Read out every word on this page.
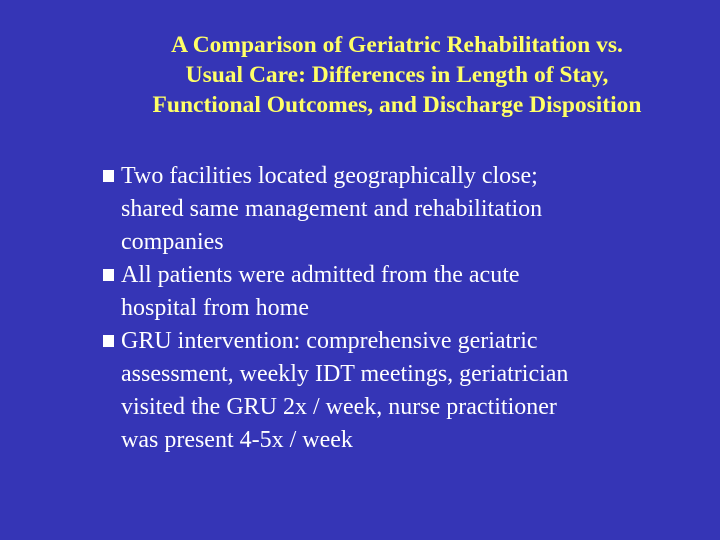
A Comparison of Geriatric Rehabilitation vs.
Usual Care: Differences in Length of Stay,
Functional Outcomes, and Discharge Disposition
Two facilities located geographically close;
shared same management and rehabilitation
companies
All patients were admitted from the acute
hospital from home
GRU intervention: comprehensive geriatric
assessment, weekly IDT meetings, geriatrician
visited the GRU 2x / week, nurse practitioner
was present 4-5x / week
